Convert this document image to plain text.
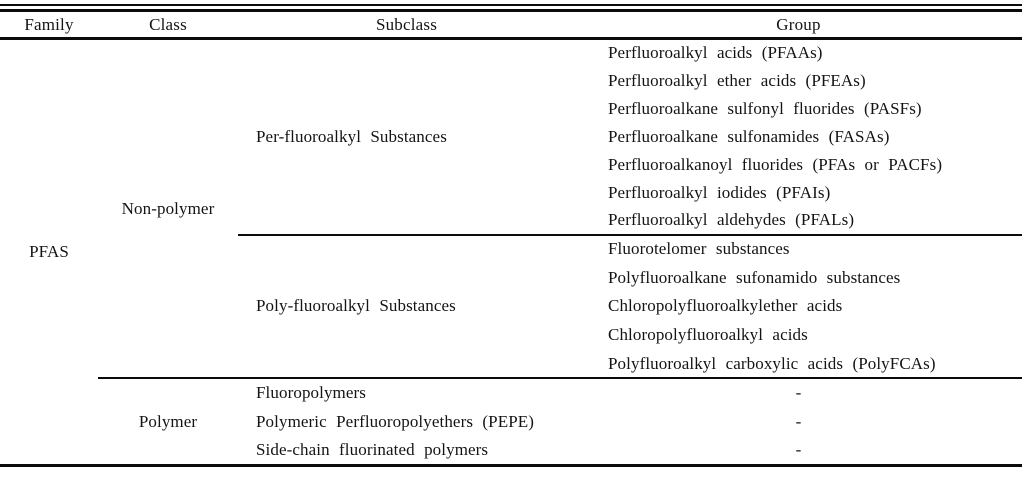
Family	Class	Subclass	Group
PFAS	Non-polymer	Per-fluoroalkyl Substances	Perfluoroalkyl acids (PFAAs)
			Perfluoroalkyl ether acids (PFEAs)
			Perfluoroalkane sulfonyl fluorides (PASFs)
			Perfluoroalkane sulfonamides (FASAs)
			Perfluoroalkanoyl fluorides (PFAs or PACFs)
			Perfluoroalkyl iodides (PFAIs)
			Perfluoroalkyl aldehydes (PFALs)
		Poly-fluoroalkyl Substances	Fluorotelomer substances
			Polyfluoroalkane sufonamido substances
			Chloropolyfluoroalkylether acids
			Chloropolyfluoroalkyl acids
			Polyfluoroalkyl carboxylic acids (PolyFCAs)
	Polymer	Fluoropolymers	-
		Polymeric Perfluoropolyethers (PEPE)	-
		Side-chain fluorinated polymers	-
